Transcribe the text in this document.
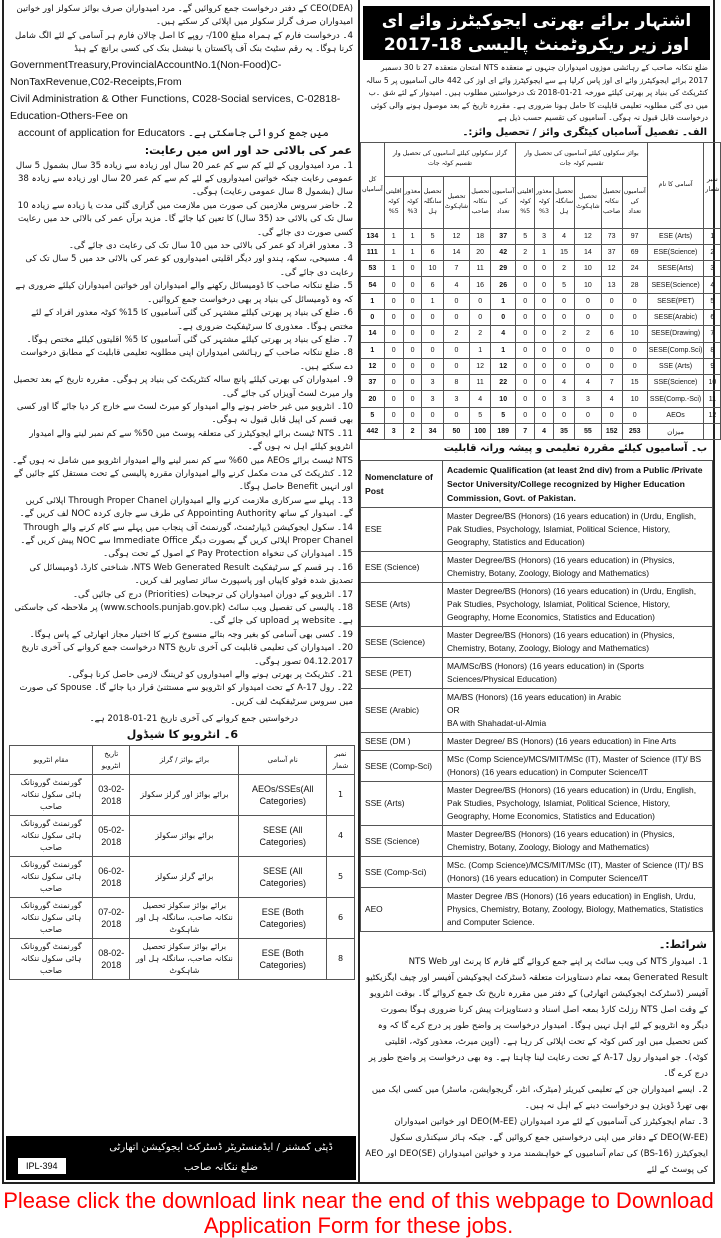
CEO(DEA) کے دفتر درخواست جمع کروائیں گے۔ مرد امیدواران صرف بوائز سکولز اور خواتین امیدواران صرف گرلز سکولز میں اپلائی کر سکتے ہیں۔
4۔ درخواست فارم کے ہمراہ مبلغ 100/- روپے کا اصل چالان فارم ہر آسامی کے لئے الگ شامل کرنا ہوگا۔ یہ رقم سٹیٹ بنک آف پاکستان یا نیشنل بنک کی کسی برانچ کے ہیڈ
GovernmentTreasury,ProvincialAccountNo.1(Non-Food)C-NonTaxRevenue,C02-Receipts,From
Civil Administration & Other Functions, C028-Social services, C-02818-Education-Others-Fee on
account of application for Educators میں جمع کروائی جاسکتی ہے۔
عمر کی بالائی حد اور اس میں رعایت:
1۔ مرد امیدواروں کے لئے کم سے کم عمر 20 سال اور زیادہ سے زیادہ 35 سال بشمول 5 سال عمومی رعایت جبکہ خواتین امیدواروں کے لئے کم سے کم عمر 20 سال اور زیادہ سے زیادہ 38 سال (بشمول 8 سال عمومی رعایت) ہوگی۔
2۔ حاضر سروس ملازمین کی صورت میں ملازمت میں گزاری گئی مدت یا زیادہ سے زیادہ 10 سال تک کی بالائی حد (35 سال) کا تعین کیا جائے گا۔ مزید برآں عمر کی بالائی حد میں رعایت کسی صورت دی جائے گی۔
3۔ معذور افراد کو عمر کی بالائی حد میں 10 سال تک کی رعایت دی جائے گی۔
4۔ مسیحی، سکھ، ہندو اور دیگر اقلیتی امیدواروں کو عمر کی بالائی حد میں 5 سال تک کی رعایت دی جائے گی۔
5۔ ضلع ننکانہ صاحب کا ڈومیسائل رکھنے والے امیدواران اور خواتین امیدواران کیلئے ضروری ہے کہ وہ ڈومیسائل کی بنیاد پر بھی درخواست جمع کروائیں۔
6۔ ضلع کی بنیاد پر بھرتی کیلئے مشتہر کی گئی آسامیوں کا 15% کوٹہ معذور افراد کے لئے مختص ہوگا۔ معذوری کا سرٹیفکیٹ ضروری ہے۔
7۔ ضلع کی بنیاد پر بھرتی کیلئے مشتہر کی گئی آسامیوں کا 5% اقلیتوں کیلئے مختص ہوگا۔
8۔ ضلع ننکانہ صاحب کے رہائشی امیدواران اپنی مطلوبہ تعلیمی قابلیت کے مطابق درخواست دے سکتے ہیں۔
9۔ امیدواران کی بھرتی کیلئے پانچ سالہ کنٹریکٹ کی بنیاد پر ہوگی۔ مقررہ تاریخ کے بعد تحصیل وار میرٹ لسٹ آویزاں کی جائے گی۔
10۔ انٹرویو میں غیر حاضر ہونے والے امیدوار کو میرٹ لسٹ سے خارج کر دیا جائے گا اور کسی بھی قسم کی اپیل قابل قبول نہ ہوگی۔
11۔ NTS ٹیسٹ برائے ایجوکیٹرز کی متعلقہ پوسٹ میں 50% سے کم نمبر لینے والے امیدوار انٹرویو کیلئے اہل نہ ہوں گے۔
NTS ٹیسٹ برائے AEOs میں 60% سے کم نمبر لینے والے امیدوار انٹرویو میں شامل نہ ہوں گے۔
12۔ کنٹریکٹ کی مدت مکمل کرنے والے امیدواران مقررہ پالیسی کے تحت مستقل کئے جائیں گے اور انہیں Benefit حاصل ہوگا۔
13۔ پہلے سے سرکاری ملازمت کرنے والے امیدواران Through Proper Chanel اپلائی کریں گے۔ امیدوار کے ساتھ Appointing Authority کی طرف سے جاری کردہ NOC لف کریں گے۔
14۔ سکول ایجوکیشن ڈیپارٹمنٹ، گورنمنٹ آف پنجاب میں پہلے سے کام کرنے والے Through Proper Chanel اپلائی کریں گے بصورت دیگر Immediate Office سے NOC پیش کریں گے۔
15۔ امیدواران کی تنخواہ Pay Protection کے اصول کے تحت ہوگی۔
16۔ ہر قسم کے سرٹیفکیٹ NTS Web Generated Result، شناختی کارڈ، ڈومیسائل کی تصدیق شدہ فوٹو کاپیاں اور پاسپورٹ سائز تصاویر لف کریں۔
17۔ انٹرویو کے دوران امیدواران کی ترجیحات (Priorities) درج کی جائیں گی۔
18۔ پالیسی کی تفصیل ویب سائٹ (www.schools.punjab.gov.pk) پر ملاحظہ کی جاسکتی ہے۔ website پر upload کی جائے گی۔
19۔ کسی بھی آسامی کو بغیر وجہ بتائے منسوخ کرنے کا اختیار مجاز اتھارٹی کے پاس ہوگا۔
20۔ امیدواران کی تعلیمی قابلیت کی آخری تاریخ NTS درخواست جمع کروانے کی آخری تاریخ 04.12.2017 تصور ہوگی۔
21۔ کنٹریکٹ پر بھرتی ہونے والے امیدواروں کو ٹریننگ لازمی حاصل کرنا ہوگی۔
22۔ رول 17-A کے تحت امیدوار کو انٹرویو سے مستثنیٰ قرار دیا جائے گا۔ Spouse کی صورت میں سروس سرٹیفکیٹ لف کریں۔
درخواستیں جمع کروانے کی آخری تاریخ 21-01-2018 ہے۔
6۔ انٹرویو کا شیڈول
نمبر شمار	نام آسامی	برائے بوائز / گرلز	تاریخ انٹرویو	مقام انٹرویو
1	AEOs/SSEs(All Categories)	برائے بوائز اور گرلز سکولز	03-02-2018	گورنمنٹ گورونانک ہائی سکول ننکانہ صاحب
4	SESE (All Categories)	برائے بوائز سکولز	05-02-2018	گورنمنٹ گورونانک ہائی سکول ننکانہ صاحب
5	SESE (All Categories)	برائے گرلز سکولز	06-02-2018	گورنمنٹ گورونانک ہائی سکول ننکانہ صاحب
6	ESE (Both Categories)	برائے بوائز سکولز تحصیل ننکانہ صاحب، سانگلہ ہل اور شاہکوٹ	07-02-2018	گورنمنٹ گورونانک ہائی سکول ننکانہ صاحب
8	ESE (Both Categories)	برائے بوائز سکولز تحصیل ننکانہ صاحب، سانگلہ ہل اور شاہکوٹ	08-02-2018	گورنمنٹ گورونانک ہائی سکول ننکانہ صاحب
ڈپٹی کمشنر / ایڈمنسٹریٹر ڈسٹرکٹ ایجوکیشن اتھارٹی
ضلع ننکانہ صاحب
IPL-394
اشتہار برائے بھرتی ایجوکیٹرز وائے ای اوز زیر ریکروٹمنٹ پالیسی 18-2017
ضلع ننکانہ صاحب کے رہائشی موزوں امیدواران جنہوں نے منعقدہ NTS امتحان منعقدہ 27 تا 30 دسمبر 2017 برائے ایجوکیٹرز وائے ای اوز پاس کرلیا ہے سے ایجوکیٹرز وائے ای اوز کی 442 خالی آسامیوں پر 5 سالہ کنٹریکٹ کی بنیاد پر بھرتی کیلئے مورخہ 21-01-2018 تک درخواستیں مطلوب ہیں۔ امیدوار کے لئے شق ۔ب میں دی گئی مطلوبہ تعلیمی قابلیت کا حامل ہونا ضروری ہے۔ مقررہ تاریخ کے بعد موصول ہونے والی کوئی درخواست قابل قبول نہ ہوگی۔ آسامیوں کی تقسیم حسب ذیل ہے
الف۔ تفصیل آسامیاں کیٹگری وائز / تحصیل وائز:۔
نمبر شمار	آسامی کا نام	بوائز سکولوں کیلئے آسامیوں کی تحصیل وار تقسیم کوٹہ جات						گرلز سکولوں کیلئے آسامیوں کی تحصیل وار تقسیم کوٹہ جات						کل آسامیاں
		آسامیوں کی تعداد	تحصیل ننکانہ صاحب	تحصیل شاہکوٹ	تحصیل سانگلہ ہل	معذور کوٹہ 3%	اقلیتی کوٹہ 5%	آسامیوں کی تعداد	تحصیل ننکانہ صاحب	تحصیل شاہکوٹ	تحصیل سانگلہ ہل	معذور کوٹہ 3%	اقلیتی کوٹہ 5%	
1	ESE (Arts)	97	73	12	4	3	5	37	18	12	5	1	1	134
2	ESE(Science)	69	37	14	15	1	2	42	20	14	6	1	1	111
3	SESE(Arts)	24	12	10	2	0	0	29	11	7	10	0	1	53
4	SESE(Science)	28	13	10	5	0	0	26	16	4	6	0	0	54
5	SESE(PET)	0	0	0	0	0	0	1	0	0	1	0	0	1
6	SESE(Arabic)	0	0	0	0	0	0	0	0	0	0	0	0	0
7	SESE(Drawing)	10	6	2	2	0	0	4	2	2	0	0	0	14
8	SESE(Comp.Sci)	0	0	0	0	0	0	1	1	0	0	0	0	1
9	SSE (Arts)	0	0	0	0	0	0	12	12	0	0	0	0	12
10	SSE(Science)	15	7	4	4	0	0	22	11	8	3	0	0	37
11	SSE(Comp.-Sci)	10	4	3	3	0	0	10	4	3	3	0	0	20
12	AEOs	0	0	0	0	0	0	5	5	0	0	0	0	5
	میزان	253	152	55	35	4	7	189	100	50	34	2	3	442
ب۔ آسامیوں کیلئے مقررہ تعلیمی و پیشہ ورانہ قابلیت
Nomenclature of Post	Academic Qualification (at least 2nd div) from a Public /Private Sector University/College recognized by Higher Education Commission, Govt. of Pakistan.
ESE	Master Degree/BS (Honors) (16 years education) in (Urdu, English, Pak Studies, Psychology, Islamiat, Political Science, History, Geography, Statistics and Education)
ESE (Science)	Master Degree/BS (Honors) (16 years education) in (Physics, Chemistry, Botany, Zoology, Biology and Mathematics)
SESE (Arts)	Master Degree/BS (Honors) (16 years education) in (Urdu, English, Pak Studies, Psychology, Islamiat, Political Science, History, Geography, Home Economics, Statistics and Education)
SESE (Science)	Master Degree/BS (Honors) (16 years education) in (Physics, Chemistry, Botany, Zoology, Biology and Mathematics)
SESE (PET)	MA/MSc/BS (Honors) (16 years education) in (Sports Sciences/Physical Education)
SESE (Arabic)	MA/BS (Honors) (16 years education) in Arabic
OR
BA with Shahadat-ul-Almia
SESE (DM )	Master Degree/ BS (Honors) (16 years education) in Fine Arts
SESE (Comp-Sci)	MSc (Comp Science)/MCS/MIT/MSc (IT), Master of Science (IT)/ BS (Honors) (16 years education) in Computer Science/IT
SSE (Arts)	Master Degree/BS (Honors) (16 years education) in (Urdu, English, Pak Studies, Psychology, Islamiat, Political Science, History, Geography, Home Economics, Statistics and Education)
SSE (Science)	Master Degree/BS (Honors) (16 years education) in (Physics, Chemistry, Botany, Zoology, Biology and Mathematics)
SSE (Comp-Sci)	MSc. (Comp Science)/MCS/MIT/MSc (IT), Master of Science (IT)/ BS (Honors) (16 years education) in Computer Science/IT
AEO	Master Degree /BS (Honors) (16 years education) in English, Urdu, Physics, Chemistry, Botany, Zoology, Biology, Mathematics, Statistics and Computer Science.
شرائط:۔
1۔ امیدوار NTS کی ویب سائٹ پر اپنے جمع کروائے گئے فارم کا پرنٹ اور NTS Web Generated Result بمعہ تمام دستاویزات متعلقہ ڈسٹرکٹ ایجوکیشن آفیسر اور چیف ایگزیکٹیو آفیسر (ڈسٹرکٹ ایجوکیشن اتھارٹی) کے دفتر میں مقررہ تاریخ تک جمع کروائے گا۔ بوقت انٹرویو کے وقت اصل NTS رزلٹ کارڈ بمعہ اصل اسناد و دستاویزات پیش کرنا ضروری ہوگا بصورت دیگر وہ انٹرویو کے لئے اہل نہیں ہوگا۔ امیدوار درخواست پر واضح طور پر درج کرے گا کہ وہ کس تحصیل میں اور کس کوٹہ کے تحت اپلائی کر رہا ہے۔ (اوپن میرٹ، معذور کوٹہ، اقلیتی کوٹہ)۔ جو امیدوار رول 17-A کے تحت رعایت لینا چاہتا ہے۔ وہ بھی درخواست پر واضح طور پر درج کرے گا۔
2۔ ایسے امیدواران جن کے تعلیمی کیریئر (میٹرک، انٹر، گریجوایشن، ماسٹر) میں کسی ایک میں بھی تھرڈ ڈویژن ہو درخواست دینے کے اہل نہ ہیں۔
3۔ تمام ایجوکیٹرز کی آسامیوں کے لئے مرد امیدواران DEO(M-EE) اور خواتین امیدواران DEO(W-EE) کے دفاتر میں اپنی درخواستیں جمع کروائیں گے۔ جبکہ ہائر سیکنڈری سکول ایجوکیٹرز (BS-16) کی تمام آسامیوں کے خواہشمند مرد و خواتین امیدواران DEO(SE) اور AEO کی پوسٹ کے لئے
Please click the download link near the end of this webpage to Download Application Form for these jobs.
